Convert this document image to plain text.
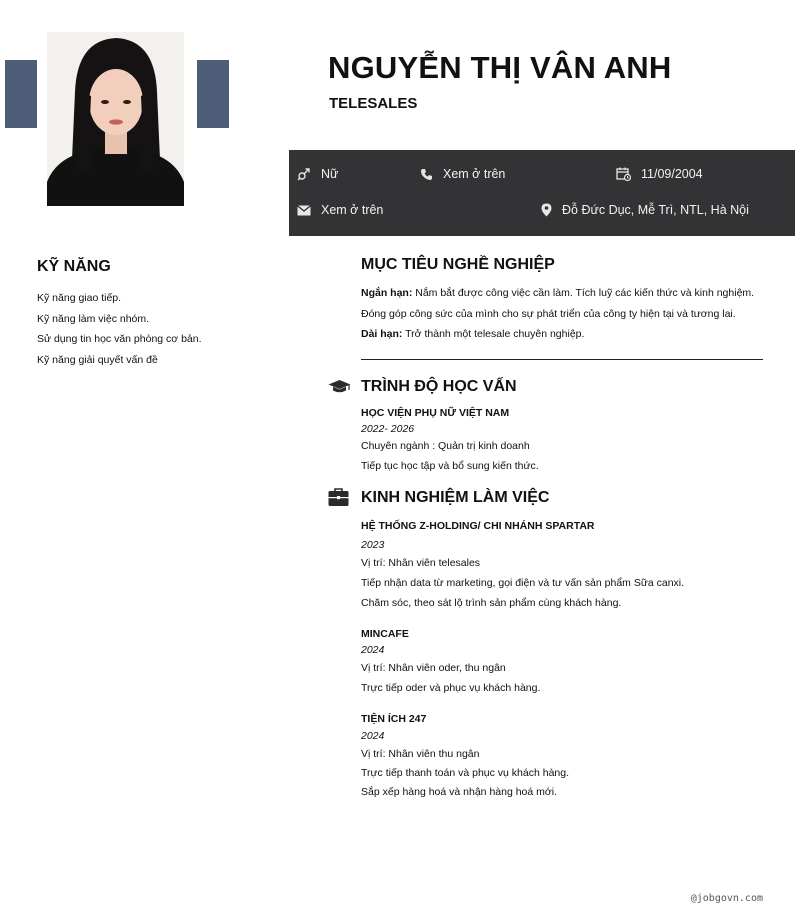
NGUYỄN THỊ VÂN ANH
TELESALES
Nữ	Xem ở trên	11/09/2004
Xem ở trên	Đỗ Đức Dục, Mễ Trì, NTL, Hà Nội
KỸ NĂNG
Kỹ năng giao tiếp.
Kỹ năng làm việc nhóm.
Sử dụng tin học văn phòng cơ bản.
Kỹ năng giải quyết vấn đề
MỤC TIÊU NGHỀ NGHIỆP

Ngắn hạn: Nắm bắt được công việc cần làm. Tích luỹ các kiến thức và kinh nghiệm. Đóng góp công sức của mình cho sự phát triển của công ty hiện tại và tương lai.

Dài hạn: Trở thành một telesale chuyên nghiệp.

TRÌNH ĐỘ HỌC VẤN
HỌC VIỆN PHỤ NỮ VIỆT NAM
2022- 2026
Chuyên ngành : Quản trị kinh doanh
Tiếp tục học tập và bổ sung kiến thức.
KINH NGHIỆM LÀM VIỆC
HỆ THỐNG Z-HOLDING/ CHI NHÁNH SPARTAR
2023
Vị trí: Nhân viên telesales
Tiếp nhận data từ marketing, gọi điện và tư vấn sản phẩm Sữa canxi.
Chăm sóc, theo sát lộ trình sản phẩm cùng khách hàng.
MINCAFE
2024
Vị trí: Nhân viên oder, thu ngân
Trực tiếp oder và phục vụ khách hàng.
TIỆN ÍCH 247
2024
Vị trí: Nhân viên thu ngân
Trực tiếp thanh toán và phục vụ khách hàng.
Sắp xếp hàng hoá và nhận hàng hoá mới.
@jobgovn.com
